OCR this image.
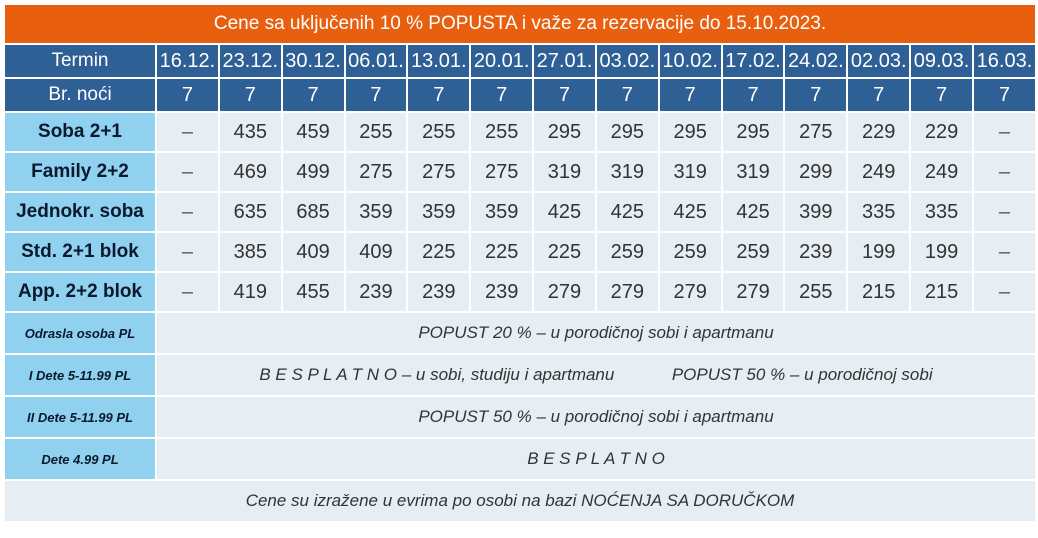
Cene sa uključenih 10 % POPUSTA i važe za rezervacije do 15.10.2023.														
Termin	16.12.	23.12.	30.12.	06.01.	13.01.	20.01.	27.01.	03.02.	10.02.	17.02.	24.02.	02.03.	09.03.	16.03.
Br. noći	7	7	7	7	7	7	7	7	7	7	7	7	7	7
Soba 2+1	–	435	459	255	255	255	295	295	295	295	275	229	229	–
Family 2+2	–	469	499	275	275	275	319	319	319	319	299	249	249	–
Jednokr. soba	–	635	685	359	359	359	425	425	425	425	399	335	335	–
Std. 2+1 blok	–	385	409	409	225	225	225	259	259	259	239	199	199	–
App. 2+2 blok	–	419	455	239	239	239	279	279	279	279	255	215	215	–
Odrasla osoba PL	POPUST 20 % – u porodičnoj sobi i apartmanu													
I Dete 5-11.99 PL	B E S P L A T N O – u sobi, studiju i apartmanu POPUST 50 % – u porodičnoj sobi													
II Dete 5-11.99 PL	POPUST 50 % – u porodičnoj sobi i apartmanu													
Dete 4.99 PL	B E S P L A T N O													
Cene su izražene u evrima po osobi na bazi NOĆENJA SA DORUČKOM														
